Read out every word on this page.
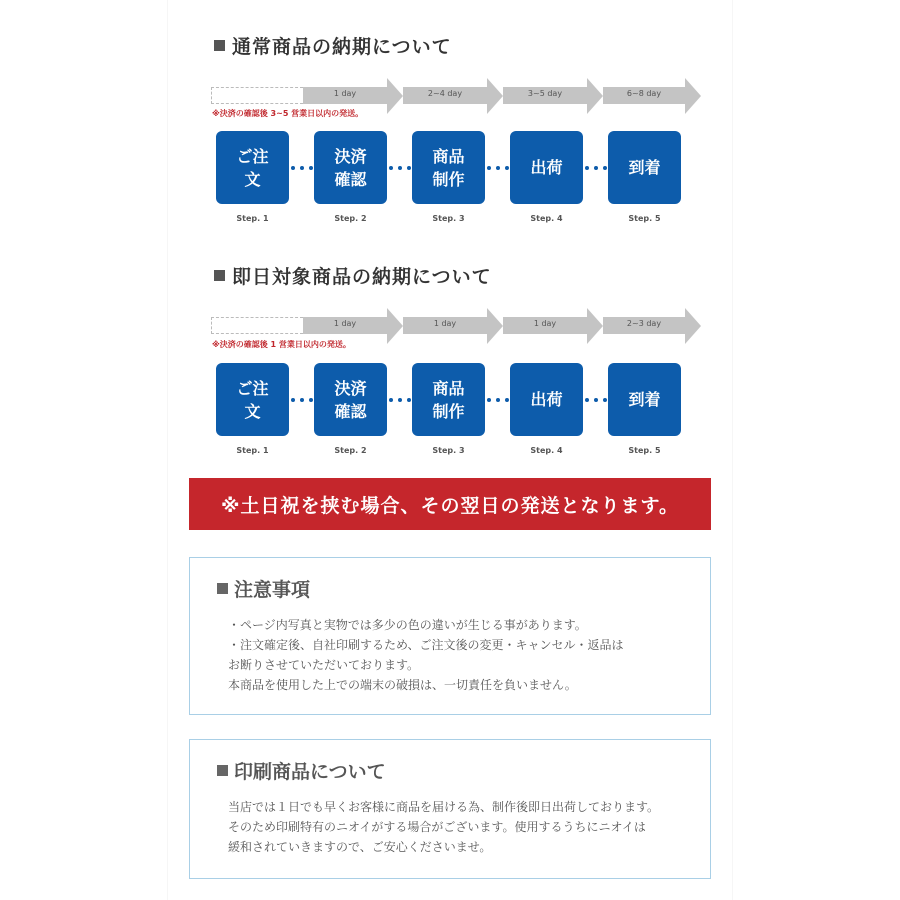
通常商品の納期について
1 day	2~4 day	3~5 day	6~8 day
※決済の確認後 3~5 営業日以内の発送。
ご注文
決済確認
商品制作
出荷	到着
Step. 1	Step. 2	Step. 3	Step. 4	Step. 5
即日対象商品の納期について
1 day	1 day	1 day	2~3 day
※決済の確認後 1 営業日以内の発送。
ご注文
決済確認
商品制作
出荷	到着
Step. 1	Step. 2	Step. 3	Step. 4	Step. 5
※土日祝を挟む場合、その翌日の発送となります。
注意事項
・ページ内写真と実物では多少の色の違いが生じる事があります。
・注文確定後、自社印刷するため、ご注文後の変更・キャンセル・返品は
お断りさせていただいております。
本商品を使用した上での端末の破損は、一切責任を負いません。
印刷商品について
当店では１日でも早くお客様に商品を届ける為、制作後即日出荷しております。
そのため印刷特有のニオイがする場合がございます。使用するうちにニオイは
緩和されていきますので、ご安心くださいませ。
